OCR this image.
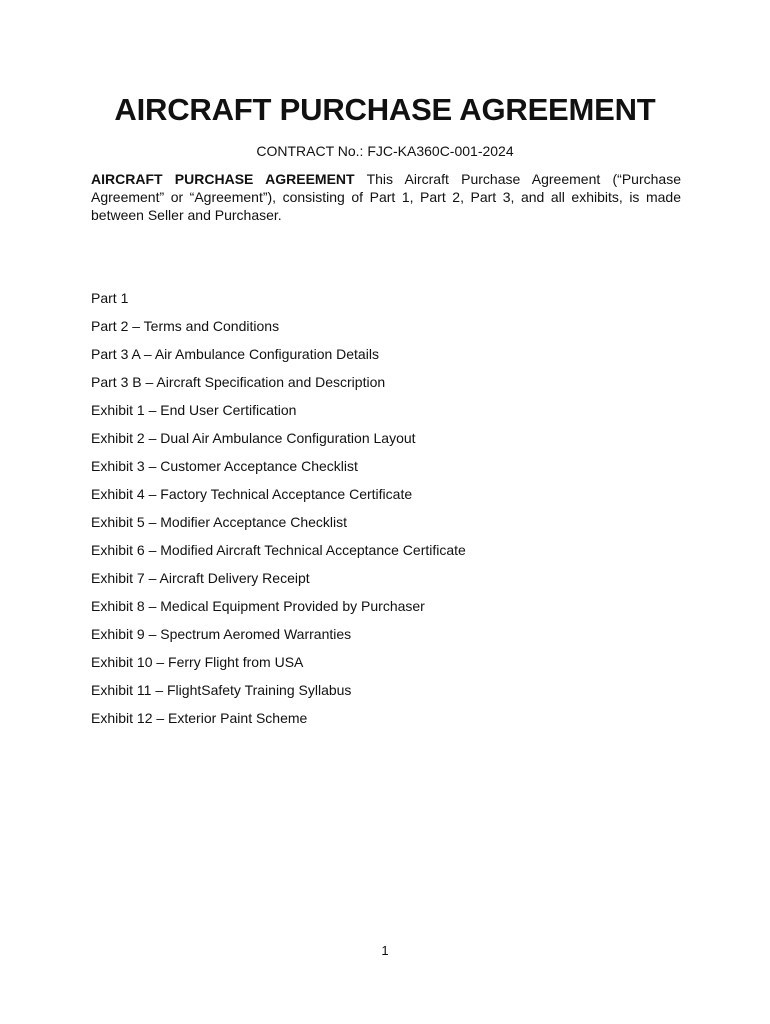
AIRCRAFT PURCHASE AGREEMENT
CONTRACT No.: FJC-KA360C-001-2024

AIRCRAFT PURCHASE AGREEMENT This Aircraft Purchase Agreement (“Purchase Agreement” or “Agreement”), consisting of Part 1, Part 2, Part 3, and all exhibits, is made between Seller and Purchaser.

Part 1
Part 2 – Terms and Conditions
Part 3 A – Air Ambulance Configuration Details
Part 3 B – Aircraft Specification and Description
Exhibit 1 – End User Certification
Exhibit 2 – Dual Air Ambulance Configuration Layout
Exhibit 3 – Customer Acceptance Checklist
Exhibit 4 – Factory Technical Acceptance Certificate
Exhibit 5 – Modifier Acceptance Checklist
Exhibit 6 – Modified Aircraft Technical Acceptance Certificate
Exhibit 7 – Aircraft Delivery Receipt
Exhibit 8 – Medical Equipment Provided by Purchaser
Exhibit 9 – Spectrum Aeromed Warranties
Exhibit 10 – Ferry Flight from USA
Exhibit 11 – FlightSafety Training Syllabus
Exhibit 12 – Exterior Paint Scheme
1
